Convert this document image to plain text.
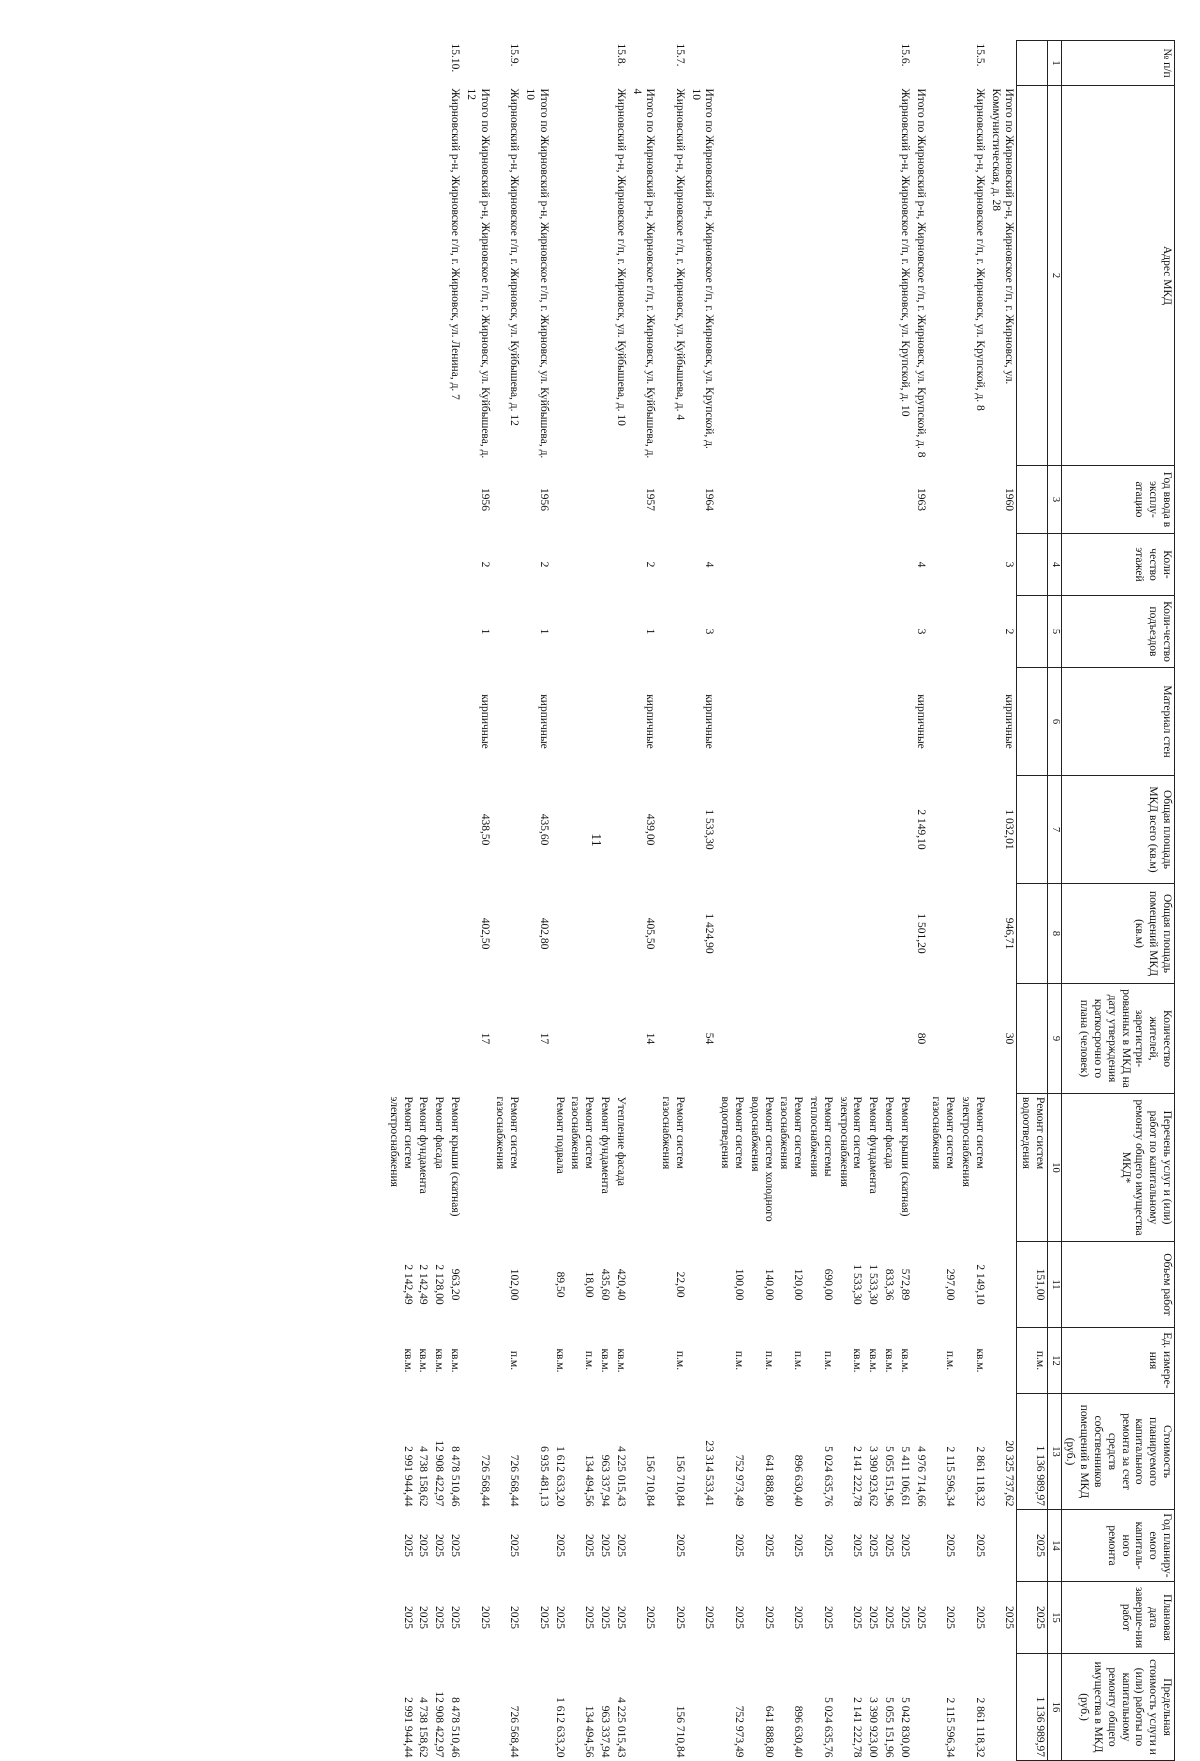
11
№ п/п	Адрес МКД	Год ввода в эксплу-атацию	Коли-чество этажей	Коли-чество подъездов	Материал стен	Общая площадь МКД всего (кв.м)	Общая площадь помещений МКД (кв.м)	Количество жителей, зарегистри-рованных в МКД на дату утверждения краткосрочно го плана (человек)	Перечень услуг и (или) работ по капитальному ремонту общего имущества МКД*	Объем работ	Ед. измере-ния	Стоимость планируемого капитального ремонта за счет средств собственников помещений в МКД (руб.)	Год планиру-емого капиталь-ного ремонта	Плановая дата заверше-ния работ	Предельная стоимость услуги и (или) работы по капитальному ремонту общего имущества в МКД (руб.)
1	2	3	4	5	6	7	8	9	10	11	12	13	14	15	16
									Ремонт систем водоотведения	151,00	п.м.	1 136 989,97	2025	2025	1 136 989,97
	Итого по Жирновский р-н, Жирновское г/п, г. Жирновск, ул. Коммунистическая, д. 28	1960	3	2	кирпичные	1 032,01	946,71	30				20 325 737,62		2025	
15.5.	Жирновский р-н, Жирновское г/п, г. Жирновск, ул. Крупской, д. 8								Ремонт систем электроснабжения	2 149,10	кв.м.	2 861 118,32	2025	2025	2 861 118,32
									Ремонт систем газоснабжения	297,00	п.м.	2 115 596,34	2025	2025	2 115 596,34
	Итого по Жирновский р-н, Жирновское г/п, г. Жирновск, ул. Крупской, д. 8	1963	4	3	кирпичные	2 149,10	1 501,20	80				4 976 714,66		2025	
15.6.	Жирновский р-н, Жирновское г/п, г. Жирновск, ул. Крупской, д. 10								Ремонт крыши (скатная)	572,89	кв.м.	5 411 106,61	2025	2025	5 042 830,00
									Ремонт фасада	833,36	кв.м.	5 055 151,96	2025	2025	5 055 151,96
									Ремонт фундамента	1 533,30	кв.м.	3 390 923,62	2025	2025	3 390 923,00
									Ремонт систем электроснабжения	1 533,30	кв.м.	2 141 222,78	2025	2025	2 141 222,78
									Ремонт системы теплоснабжения	690,00	п.м.	5 024 635,76	2025	2025	5 024 635,76
									Ремонт систем газоснабжения	120,00	п.м.	896 630,40	2025	2025	896 630,40
									Ремонт систем холодного водоснабжения	140,00	п.м.	641 888,80	2025	2025	641 888,80
									Ремонт систем водоотведения	100,00	п.м.	752 973,49	2025	2025	752 973,49
	Итого по Жирновский р-н, Жирновское г/п, г. Жирновск, ул. Крупской, д. 10	1964	4	3	кирпичные	1 533,30	1 424,90	54				23 314 533,41		2025	
15.7.	Жирновский р-н, Жирновское г/п, г. Жирновск, ул. Куйбышева, д. 4								Ремонт систем газоснабжения	22,00	п.м.	156 710,84	2025	2025	156 710,84
	Итого по Жирновский р-н, Жирновское г/п, г. Жирновск, ул. Куйбышева, д. 4	1957	2	1	кирпичные	439,00	405,50	14				156 710,84		2025	
15.8.	Жирновский р-н, Жирновское г/п, г. Жирновск, ул. Куйбышева, д. 10								Утепление фасада	420,40	кв.м.	4 225 015,43	2025	2025	4 225 015,43
									Ремонт фундамента	435,60	кв.м.	963 337,94	2025	2025	963 337,94
									Ремонт систем газоснабжения	18,00	п.м.	134 494,56	2025	2025	134 494,56
									Ремонт подвала	89,50	кв.м.	1 612 633,20	2025	2025	1 612 633,20
	Итого по Жирновский р-н, Жирновское г/п, г. Жирновск, ул. Куйбышева, д. 10	1956	2	1	кирпичные	435,60	402,80	17				6 935 481,13		2025	
15.9.	Жирновский р-н, Жирновское г/п, г. Жирновск, ул. Куйбышева, д. 12								Ремонт систем газоснабжения	102,00	п.м.	726 568,44	2025	2025	726 568,44
	Итого по Жирновский р-н, Жирновское г/п, г. Жирновск, ул. Куйбышева, д. 12	1956	2	1	кирпичные	438,50	402,50	17				726 568,44		2025	
15.10.	Жирновский р-н, Жирновское г/п, г. Жирновск, ул. Ленина, д. 7								Ремонт крыши (скатная)	963,20	кв.м.	8 478 510,46	2025	2025	8 478 510,46
									Ремонт фасада	2 128,00	кв.м.	12 908 422,97	2025	2025	12 908 422,97
									Ремонт фундамента	2 142,49	кв.м.	4 738 158,62	2025	2025	4 738 158,62
									Ремонт систем электроснабжения	2 142,49	кв.м.	2 991 944,44	2025	2025	2 991 944,44
